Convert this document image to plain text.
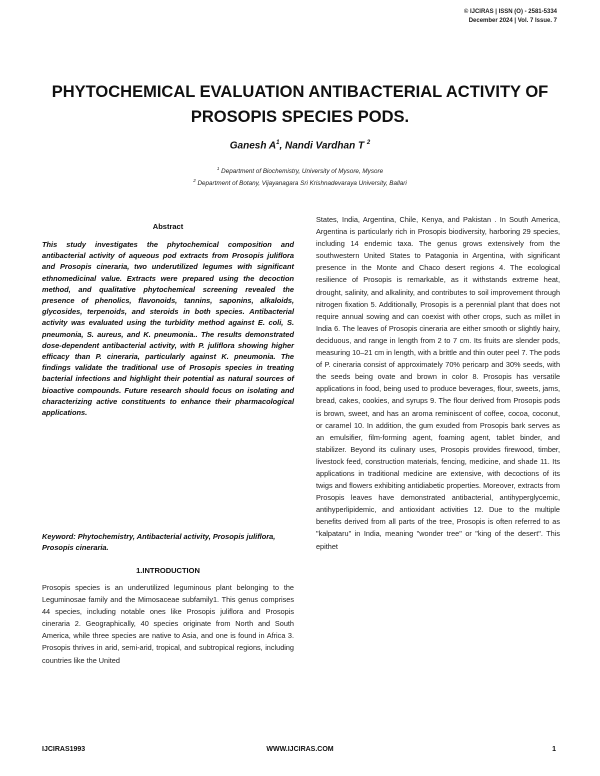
© IJCIRAS | ISSN (O) - 2581-5334
December 2024 | Vol. 7 Issue. 7
PHYTOCHEMICAL EVALUATION ANTIBACTERIAL ACTIVITY OF PROSOPIS SPECIES PODS.
Ganesh $A^1$, Nandi Vardhan T $^2$
$^1$ Department of Biochemistry, University of Mysore, Mysore
$^2$ Department of Botany, Vijayanagara Sri Krishnadevaraya University, Ballari
Abstract

This study investigates the phytochemical composition and antibacterial activity of aqueous pod extracts from Prosopis juliflora and Prosopis cineraria, two underutilized legumes with significant ethnomedicinal value. Extracts were prepared using the decoction method, and qualitative phytochemical screening revealed the presence of phenolics, flavonoids, tannins, saponins, alkaloids, glycosides, terpenoids, and steroids in both species. Antibacterial activity was evaluated using the turbidity method against E. coli, S. pneumonia, S. aureus, and K. pneumonia.. The results demonstrated dose-dependent antibacterial activity, with P. juliflora showing higher efficacy than P. cineraria, particularly against K. pneumonia. The findings validate the traditional use of Prosopis species in treating bacterial infections and highlight their potential as natural sources of bioactive compounds. Future research should focus on isolating and characterizing active constituents to enhance their pharmacological applications.

Keyword: Phytochemistry, Antibacterial activity, Prosopis juliflora, Prosopis cineraria.

1.INTRODUCTION

Prosopis species is an underutilized leguminous plant belonging to the Leguminosae family and the Mimosaceae subfamily1. This genus comprises 44 species, including notable ones like Prosopis juliflora and Prosopis cineraria 2. Geographically, 40 species originate from North and South America, while three species are native to Asia, and one is found in Africa 3. Prosopis thrives in arid, semi-arid, tropical, and subtropical regions, including countries like the United

States, India, Argentina, Chile, Kenya, and Pakistan . In South America, Argentina is particularly rich in Prosopis biodiversity, harboring 29 species, including 14 endemic taxa. The genus grows extensively from the southwestern United States to Patagonia in Argentina, with significant presence in the Monte and Chaco desert regions 4. The ecological resilience of Prosopis is remarkable, as it withstands extreme heat, drought, salinity, and alkalinity, and contributes to soil improvement through nitrogen fixation 5. Additionally, Prosopis is a perennial plant that does not require annual sowing and can coexist with other crops, such as millet in India 6. The leaves of Prosopis cineraria are either smooth or slightly hairy, deciduous, and range in length from 2 to 7 cm. Its fruits are slender pods, measuring 10–21 cm in length, with a brittle and thin outer peel 7. The pods of P. cineraria consist of approximately 70% pericarp and 30% seeds, with the seeds being ovate and brown in color 8. Prosopis has versatile applications in food, being used to produce beverages, flour, sweets, jams, bread, cakes, cookies, and syrups 9. The flour derived from Prosopis pods is brown, sweet, and has an aroma reminiscent of coffee, cocoa, coconut, or caramel 10. In addition, the gum exuded from Prosopis bark serves as an emulsifier, film-forming agent, foaming agent, tablet binder, and stabilizer. Beyond its culinary uses, Prosopis provides firewood, timber, livestock feed, construction materials, fencing, medicine, and shade 11. Its applications in traditional medicine are extensive, with decoctions of its twigs and flowers exhibiting antidiabetic properties. Moreover, extracts from Prosopis leaves have demonstrated antibacterial, antihyperglycemic, antihyperlipidemic, and antioxidant activities 12. Due to the multiple benefits derived from all parts of the tree, Prosopis is often referred to as "kalpataru" in India, meaning "wonder tree" or "king of the desert". This epithet

IJCIRAS1993	WWW.IJCIRAS.COM	1
